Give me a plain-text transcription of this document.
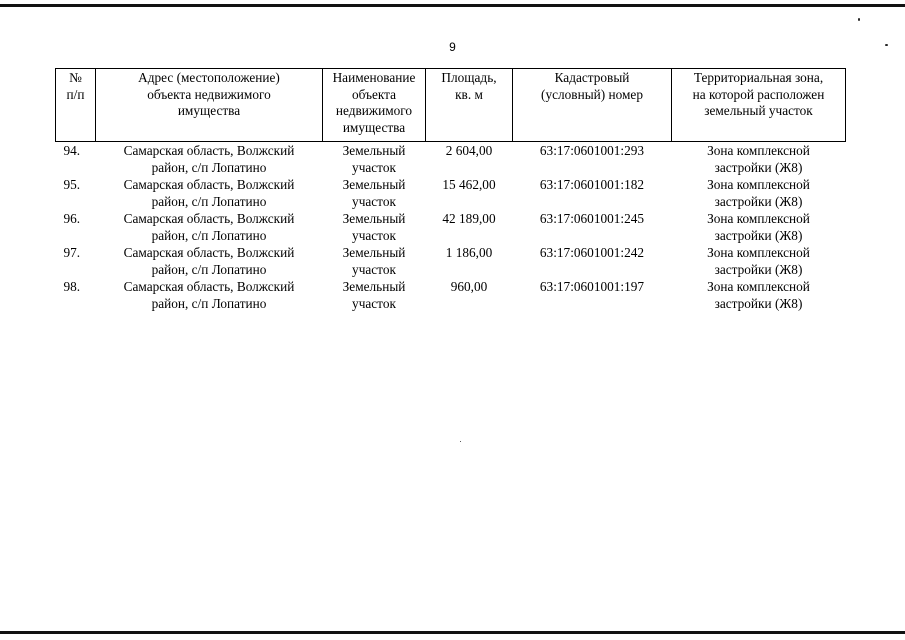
9
№
п/п	Адрес (местоположение)
объекта недвижимого
имущества	Наименование
объекта
недвижимого
имущества	Площадь,
кв. м	Кадастровый
(условный) номер	Территориальная зона,
на которой расположен
земельный участок
94.	Самарская область, Волжский
район, с/п Лопатино	Земельный
участок	2 604,00	63:17:0601001:293	Зона комплексной
застройки (Ж8)
95.	Самарская область, Волжский
район, с/п Лопатино	Земельный
участок	15 462,00	63:17:0601001:182	Зона комплексной
застройки (Ж8)
96.	Самарская область, Волжский
район, с/п Лопатино	Земельный
участок	42 189,00	63:17:0601001:245	Зона комплексной
застройки (Ж8)
97.	Самарская область, Волжский
район, с/п Лопатино	Земельный
участок	1 186,00	63:17:0601001:242	Зона комплексной
застройки (Ж8)
98.	Самарская область, Волжский
район, с/п Лопатино	Земельный
участок	960,00	63:17:0601001:197	Зона комплексной
застройки (Ж8)
